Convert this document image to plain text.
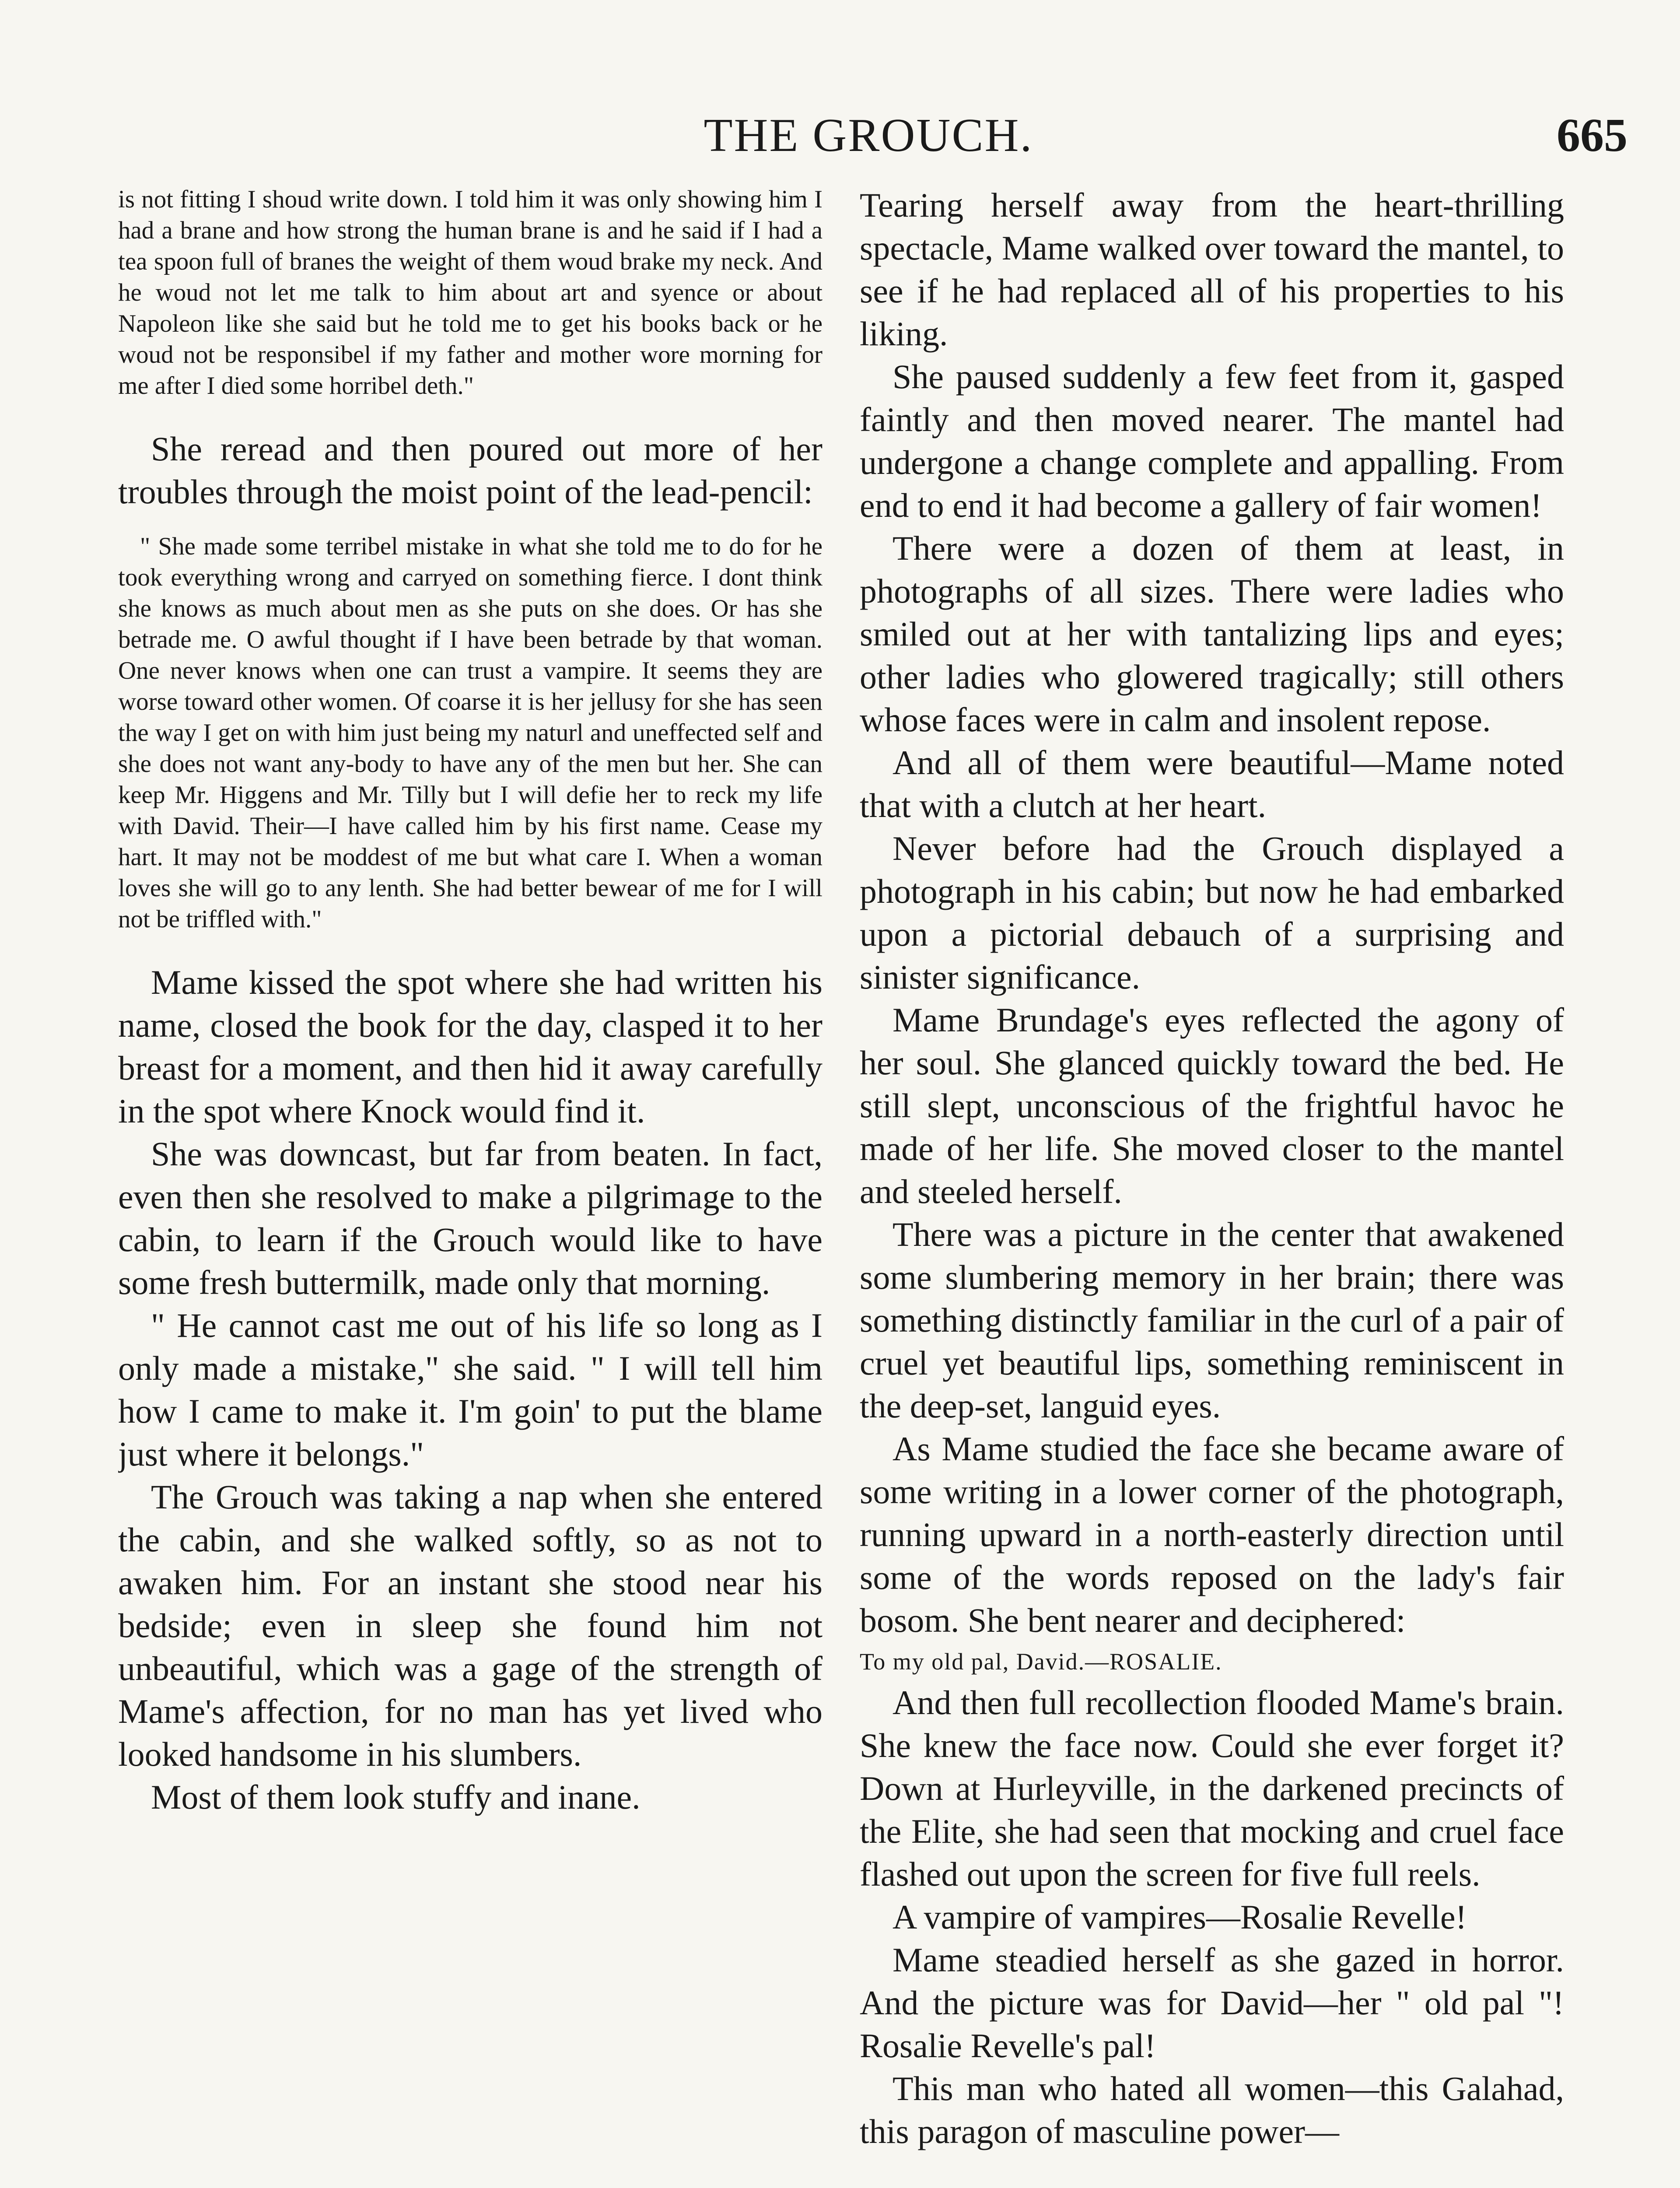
THE GROUCH.	665

is not fitting I shoud write down. I told him it was only showing him I had a brane and how strong the human brane is and he said if I had a tea spoon full of branes the weight of them woud brake my neck. And he woud not let me talk to him about art and syence or about Napoleon like she said but he told me to get his books back or he woud not be responsibel if my father and mother wore morning for me after I died some horribel deth."

She reread and then poured out more of her troubles through the moist point of the lead-pencil:

" She made some terribel mistake in what she told me to do for he took everything wrong and carryed on something fierce. I dont think she knows as much about men as she puts on she does. Or has she betrade me. O awful thought if I have been betrade by that woman. One never knows when one can trust a vampire. It seems they are worse toward other women. Of coarse it is her jellusy for she has seen the way I get on with him just being my naturl and uneffected self and she does not want any-body to have any of the men but her. She can keep Mr. Higgens and Mr. Tilly but I will defie her to reck my life with David. Their—I have called him by his first name. Cease my hart. It may not be moddest of me but what care I. When a woman loves she will go to any lenth. She had better bewear of me for I will not be triffled with."

Mame kissed the spot where she had written his name, closed the book for the day, clasped it to her breast for a moment, and then hid it away carefully in the spot where Knock would find it.

She was downcast, but far from beaten. In fact, even then she resolved to make a pilgrimage to the cabin, to learn if the Grouch would like to have some fresh buttermilk, made only that morning.

" He cannot cast me out of his life so long as I only made a mistake," she said. " I will tell him how I came to make it. I'm goin' to put the blame just where it belongs."

The Grouch was taking a nap when she entered the cabin, and she walked softly, so as not to awaken him. For an instant she stood near his bedside; even in sleep she found him not unbeautiful, which was a gage of the strength of Mame's affection, for no man has yet lived who looked handsome in his slumbers.

Most of them look stuffy and inane.

Tearing herself away from the heart-thrilling spectacle, Mame walked over toward the mantel, to see if he had replaced all of his properties to his liking.

She paused suddenly a few feet from it, gasped faintly and then moved nearer. The mantel had undergone a change complete and appalling. From end to end it had become a gallery of fair women!

There were a dozen of them at least, in photographs of all sizes. There were ladies who smiled out at her with tantalizing lips and eyes; other ladies who glowered tragically; still others whose faces were in calm and insolent repose.

And all of them were beautiful—Mame noted that with a clutch at her heart.

Never before had the Grouch displayed a photograph in his cabin; but now he had embarked upon a pictorial debauch of a surprising and sinister significance.

Mame Brundage's eyes reflected the agony of her soul. She glanced quickly toward the bed. He still slept, unconscious of the frightful havoc he made of her life. She moved closer to the mantel and steeled herself.

There was a picture in the center that awakened some slumbering memory in her brain; there was something distinctly familiar in the curl of a pair of cruel yet beautiful lips, something reminiscent in the deep-set, languid eyes.

As Mame studied the face she became aware of some writing in a lower corner of the photograph, running upward in a north-easterly direction until some of the words reposed on the lady's fair bosom. She bent nearer and deciphered:

To my old pal, David.—ROSALIE.

And then full recollection flooded Mame's brain. She knew the face now. Could she ever forget it? Down at Hurleyville, in the darkened precincts of the Elite, she had seen that mocking and cruel face flashed out upon the screen for five full reels.

A vampire of vampires—Rosalie Revelle!

Mame steadied herself as she gazed in horror. And the picture was for David—her " old pal "! Rosalie Revelle's pal!

This man who hated all women—this Galahad, this paragon of masculine power—
